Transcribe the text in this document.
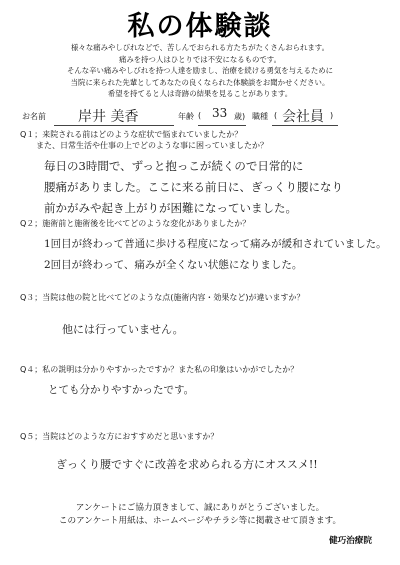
私の体験談
様々な痛みやしびれなどで、苦しんでおられる方たちがたくさんおられます。
痛みを持つ人はひとりでは不安になるものです。
そんな辛い痛みやしびれを持つ人達を励まし、治療を続ける勇気を与えるために
当院に来られた先輩としてあなたの良くなられた体験談をお聞かせください。
希望を持てると人は奇跡の結果を見ることがあります。
お名前 岸井 美香	年齢 ( 33 歳) 職種 ( 会社員 )
Q１；来院される前はどのような症状で悩まれていましたか？
　　また、日常生活や仕事の上でどのような事に困っていましたか？
毎日の3時間で、ずっと抱っこが続くので日常的に
腰痛がありました。ここに来る前日に、ぎっくり腰になり
前かがみや起き上がりが困難になっていました。
Q２；施術前と施術後を比べてどのような変化がありましたか？
1回目が終わって普通に歩ける程度になって痛みが緩和されていました。
2回目が終わって、痛みが全くない状態になりました。
Q３；当院は他の院と比べてどのような点(施術内容・効果など)が違いますか？
他には行っていません。
Q４；私の説明は分かりやすかったですか？また私の印象はいかがでしたか？
とても分かりやすかったです。
Q５；当院はどのような方におすすめだと思いますか？
ぎっくり腰ですぐに改善を求められる方にオススメ!!
アンケートにご協力頂きまして、誠にありがとうございました。
このアンケート用紙は、ホームページやチラシ等に掲載させて頂きます。
健巧治療院
